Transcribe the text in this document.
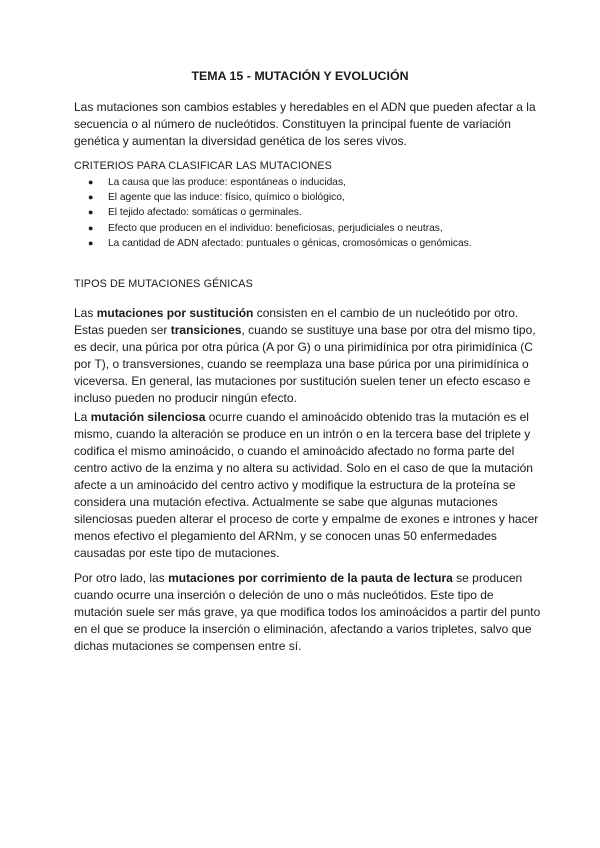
TEMA 15 - MUTACIÓN Y EVOLUCIÓN

Las mutaciones son cambios estables y heredables en el ADN que pueden afectar a la secuencia o al número de nucleótidos. Constituyen la principal fuente de variación genética y aumentan la diversidad genética de los seres vivos.

CRITERIOS PARA CLASIFICAR LAS MUTACIONES
● La causa que las produce: espontáneas o inducidas,
● El agente que las induce: físico, químico o biológico,
● El tejido afectado: somáticas o germinales.
● Efecto que producen en el individuo: beneficiosas, perjudiciales o neutras,
● La cantidad de ADN afectado: puntuales o génicas, cromosómicas o genómicas.
TIPOS DE MUTACIONES GÉNICAS

Las mutaciones por sustitución consisten en el cambio de un nucleótido por otro. Estas pueden ser transiciones, cuando se sustituye una base por otra del mismo tipo, es decir, una púrica por otra púrica (A por G) o una pirimidínica por otra pirimidínica (C por T), o transversiones, cuando se reemplaza una base púrica por una pirimidínica o viceversa. En general, las mutaciones por sustitución suelen tener un efecto escaso e incluso pueden no producir ningún efecto.

La mutación silenciosa ocurre cuando el aminoácido obtenido tras la mutación es el mismo, cuando la alteración se produce en un intrón o en la tercera base del triplete y codifica el mismo aminoácido, o cuando el aminoácido afectado no forma parte del centro activo de la enzima y no altera su actividad. Solo en el caso de que la mutación afecte a un aminoácido del centro activo y modifique la estructura de la proteína se considera una mutación efectiva. Actualmente se sabe que algunas mutaciones silenciosas pueden alterar el proceso de corte y empalme de exones e intrones y hacer menos efectivo el plegamiento del ARNm, y se conocen unas 50 enfermedades causadas por este tipo de mutaciones.

Por otro lado, las mutaciones por corrimiento de la pauta de lectura se producen cuando ocurre una inserción o deleción de uno o más nucleótidos. Este tipo de mutación suele ser más grave, ya que modifica todos los aminoácidos a partir del punto en el que se produce la inserción o eliminación, afectando a varios tripletes, salvo que dichas mutaciones se compensen entre sí.
